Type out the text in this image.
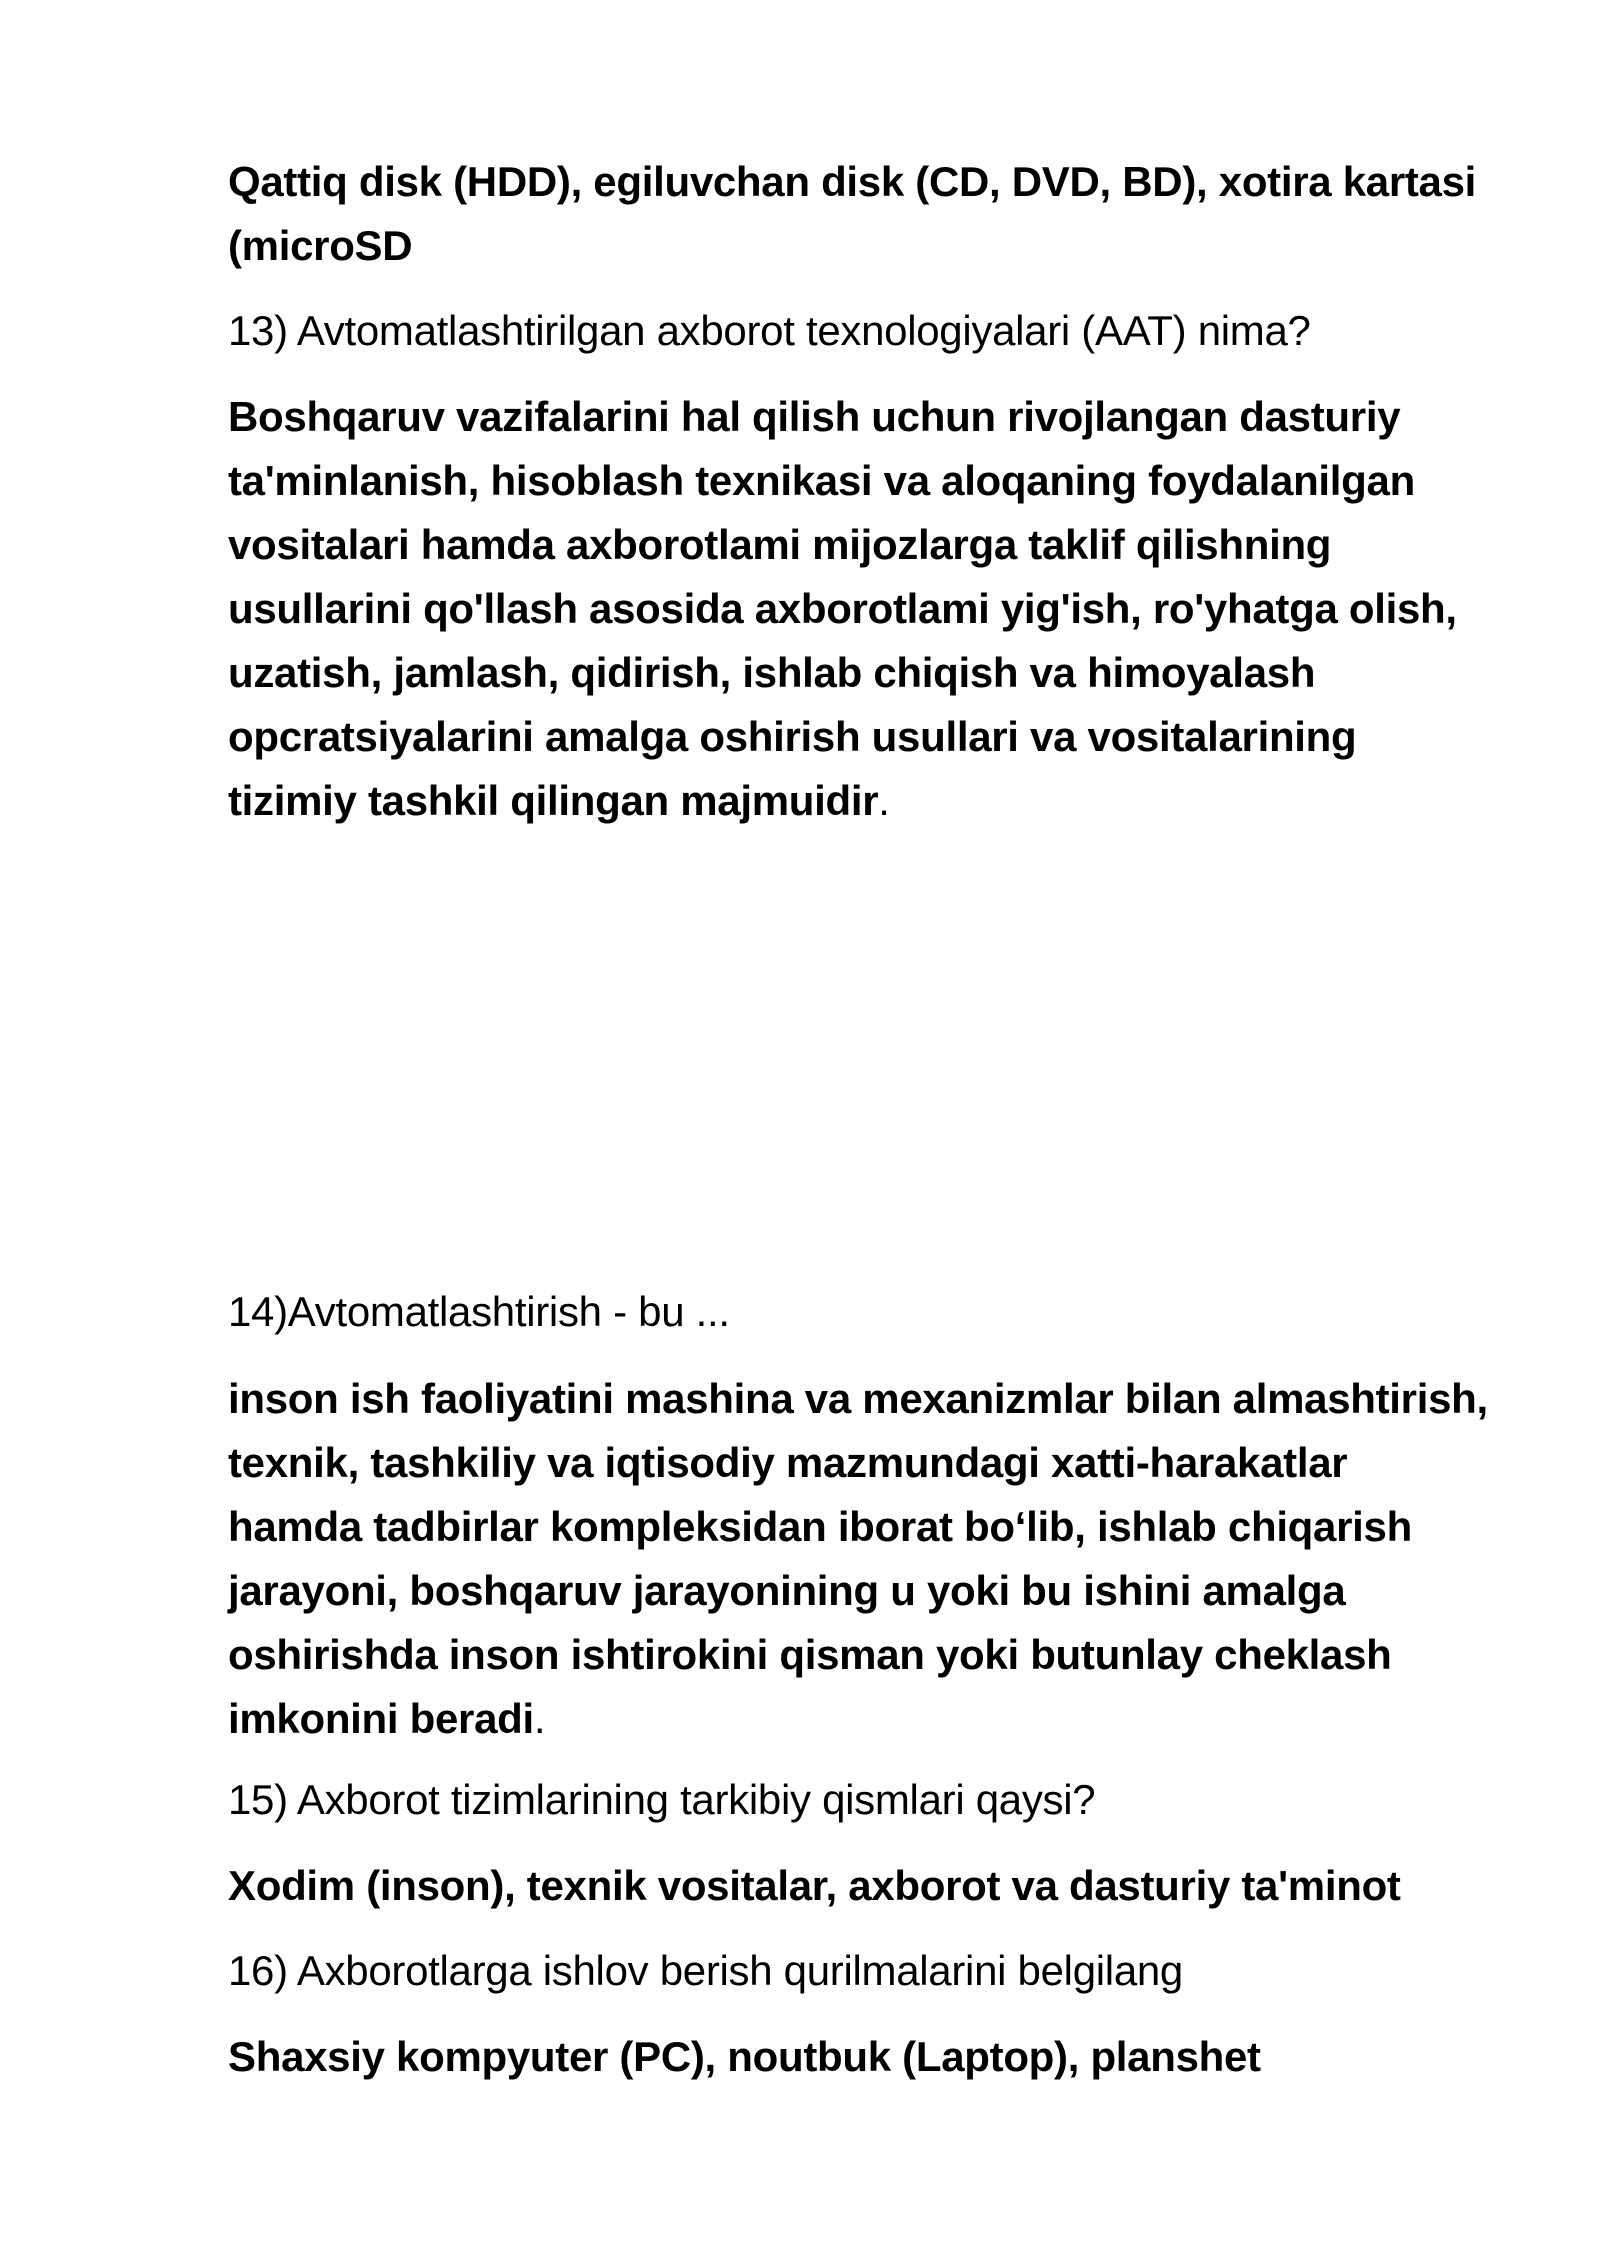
Qattiq disk (HDD), egiluvchan disk (CD, DVD, BD), xotira kartasi (microSD

13) Avtomatlashtirilgan axborot texnologiyalari (AAT) nima?

Boshqaruv vazifalarini hal qilish uchun rivojlangan dasturiy ta'minlanish, hisoblash texnikasi va aloqaning foydalanilgan vositalari hamda axborotlami mijozlarga taklif qilishning usullarini qo'llash asosida axborotlami yig'ish, ro'yhatga olish, uzatish, jamlash, qidirish, ishlab chiqish va himoyalash opcratsiyalarini amalga oshirish usullari va vositalarining tizimiy tashkil qilingan majmuidir.

14)Avtomatlashtirish - bu ...

inson ish faoliyatini mashina va mexanizmlar bilan almashtirish, texnik, tashkiliy va iqtisodiy mazmundagi xatti-harakatlar hamda tadbirlar kompleksidan iborat bo‘lib, ishlab chiqarish jarayoni, boshqaruv jarayonining u yoki bu ishini amalga oshirishda inson ishtirokini qisman yoki butunlay cheklash imkonini beradi.

15) Axborot tizimlarining tarkibiy qismlari qaysi?

Xodim (inson), texnik vositalar, axborot va dasturiy ta'minot

16) Axborotlarga ishlov berish qurilmalarini belgilang

Shaxsiy kompyuter (PC), noutbuk (Laptop), planshet
